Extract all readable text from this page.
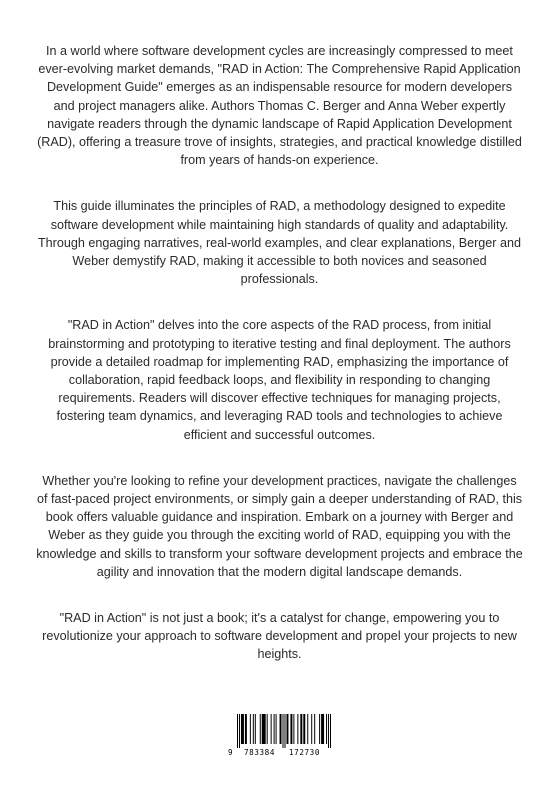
In a world where software development cycles are increasingly compressed to meet ever-evolving market demands, "RAD in Action: The Comprehensive Rapid Application Development Guide" emerges as an indispensable resource for modern developers and project managers alike. Authors Thomas C. Berger and Anna Weber expertly navigate readers through the dynamic landscape of Rapid Application Development (RAD), offering a treasure trove of insights, strategies, and practical knowledge distilled from years of hands-on experience.

This guide illuminates the principles of RAD, a methodology designed to expedite software development while maintaining high standards of quality and adaptability. Through engaging narratives, real-world examples, and clear explanations, Berger and Weber demystify RAD, making it accessible to both novices and seasoned professionals.

"RAD in Action" delves into the core aspects of the RAD process, from initial brainstorming and prototyping to iterative testing and final deployment. The authors provide a detailed roadmap for implementing RAD, emphasizing the importance of collaboration, rapid feedback loops, and flexibility in responding to changing requirements. Readers will discover effective techniques for managing projects, fostering team dynamics, and leveraging RAD tools and technologies to achieve efficient and successful outcomes.

Whether you're looking to refine your development practices, navigate the challenges of fast-paced project environments, or simply gain a deeper understanding of RAD, this book offers valuable guidance and inspiration. Embark on a journey with Berger and Weber as they guide you through the exciting world of RAD, equipping you with the knowledge and skills to transform your software development projects and embrace the agility and innovation that the modern digital landscape demands.

"RAD in Action" is not just a book; it's a catalyst for change, empowering you to revolutionize your approach to software development and propel your projects to new heights.

9 783384 172730
